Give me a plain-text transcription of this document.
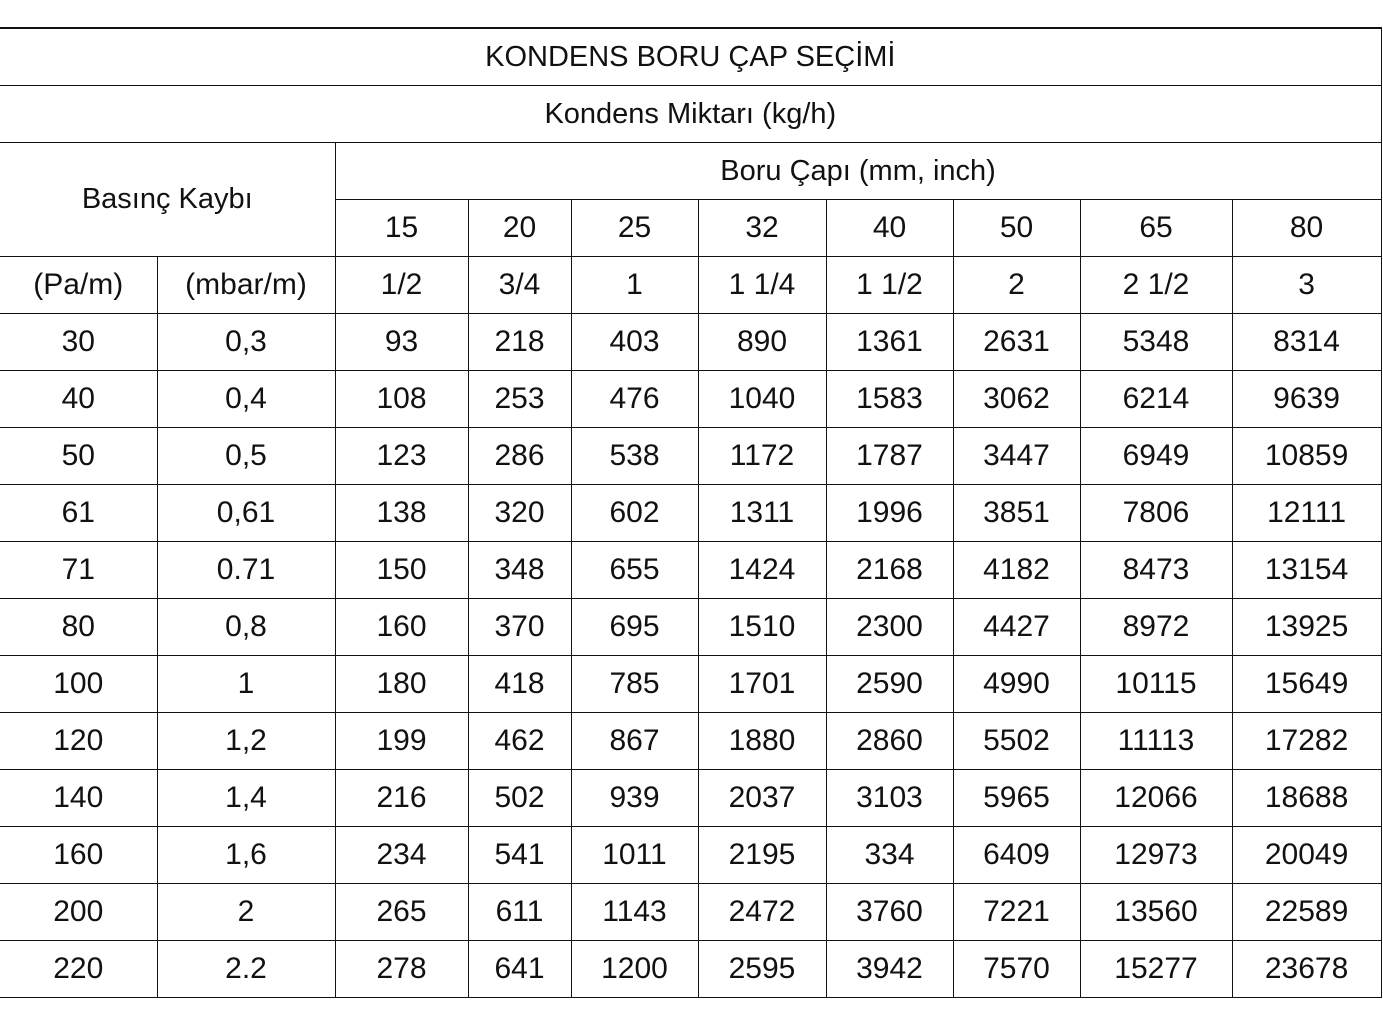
KONDENS BORU ÇAP SEÇİMİ									
Kondens Miktarı (kg/h)									
Basınç Kaybı		Boru Çapı (mm, inch)							
		15	20	25	32	40	50	65	80
(Pa/m)	(mbar/m)	1/2	3/4	1	1 1/4	1 1/2	2	2 1/2	3
30	0,3	93	218	403	890	1361	2631	5348	8314
40	0,4	108	253	476	1040	1583	3062	6214	9639
50	0,5	123	286	538	1172	1787	3447	6949	10859
61	0,61	138	320	602	1311	1996	3851	7806	12111
71	0.71	150	348	655	1424	2168	4182	8473	13154
80	0,8	160	370	695	1510	2300	4427	8972	13925
100	1	180	418	785	1701	2590	4990	10115	15649
120	1,2	199	462	867	1880	2860	5502	11113	17282
140	1,4	216	502	939	2037	3103	5965	12066	18688
160	1,6	234	541	1011	2195	334	6409	12973	20049
200	2	265	611	1143	2472	3760	7221	13560	22589
220	2.2	278	641	1200	2595	3942	7570	15277	23678
